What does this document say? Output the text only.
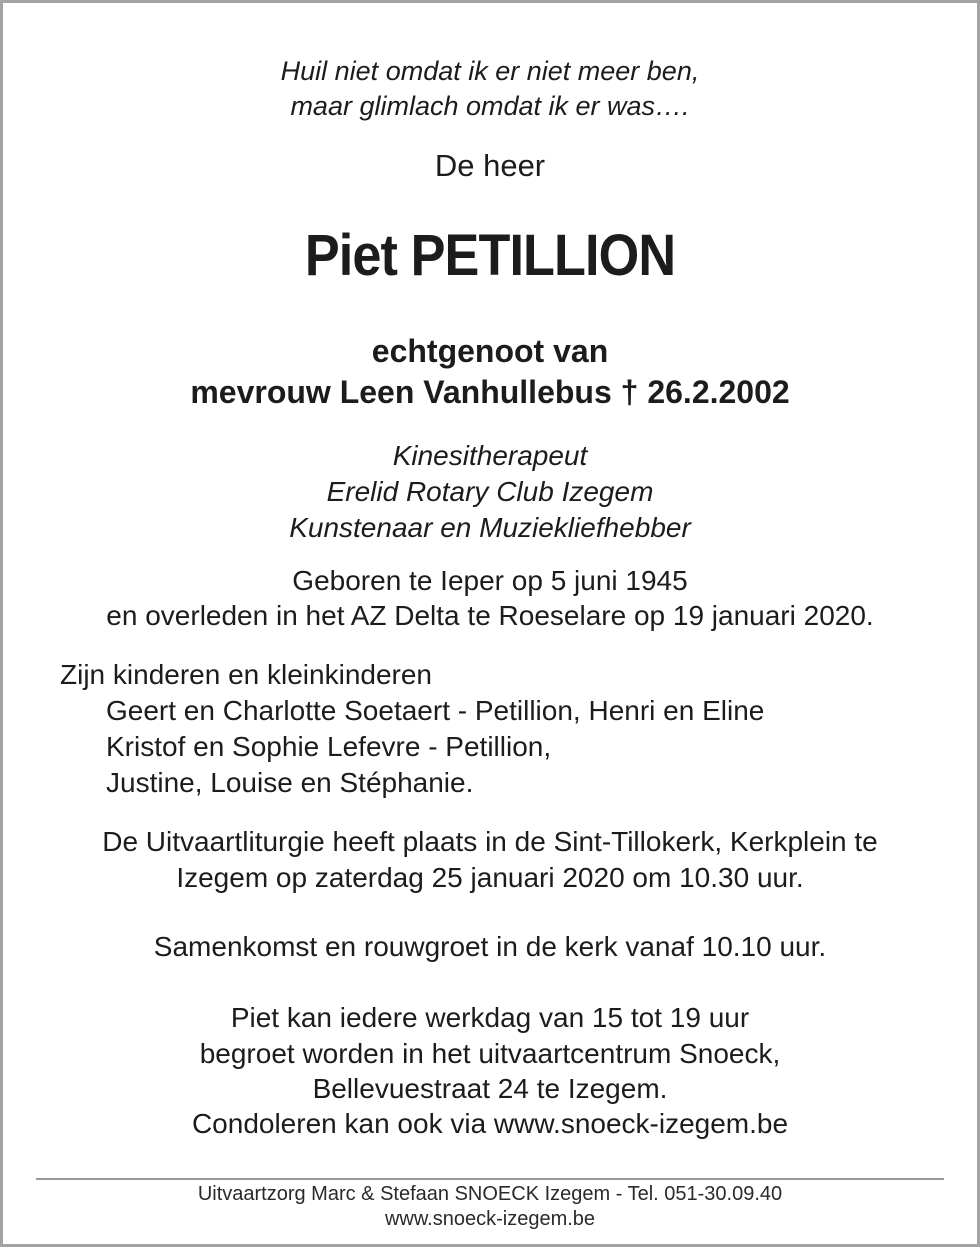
Huil niet omdat ik er niet meer ben,
maar glimlach omdat ik er was….
De heer
Piet PETILLION
echtgenoot van
mevrouw Leen Vanhullebus † 26.2.2002
Kinesitherapeut
Erelid Rotary Club Izegem
Kunstenaar en Muziekliefhebber
Geboren te Ieper op 5 juni 1945
en overleden in het AZ Delta te Roeselare op 19 januari 2020.
Zijn kinderen en kleinkinderen
Geert en Charlotte Soetaert - Petillion, Henri en Eline
Kristof en Sophie Lefevre - Petillion,
Justine, Louise en Stéphanie.
De Uitvaartliturgie heeft plaats in de Sint-Tillokerk, Kerkplein te
Izegem op zaterdag 25 januari 2020 om 10.30 uur.
Samenkomst en rouwgroet in de kerk vanaf 10.10 uur.
Piet kan iedere werkdag van 15 tot 19 uur
begroet worden in het uitvaartcentrum Snoeck,
Bellevuestraat 24 te Izegem.
Condoleren kan ook via www.snoeck-izegem.be
Uitvaartzorg Marc & Stefaan SNOECK Izegem - Tel. 051-30.09.40
www.snoeck-izegem.be
